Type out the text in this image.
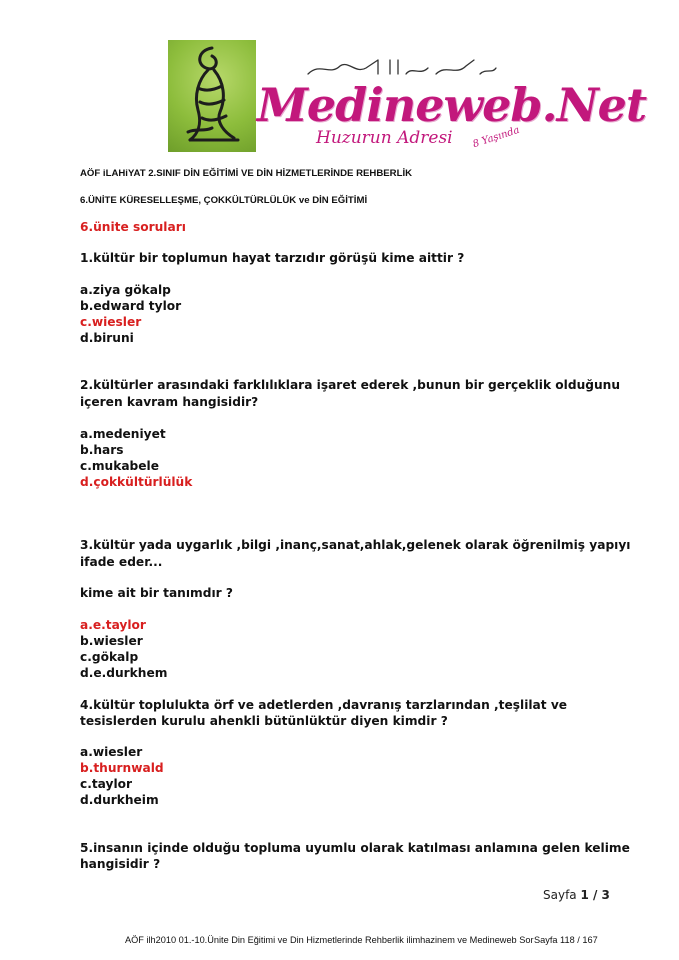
Medineweb.Net
Huzurun Adresi 8 Yaşında
AÖF iLAHiYAT 2.SINIF DİN EĞİTİMİ VE DİN HİZMETLERİNDE REHBERLİK
6.ÜNİTE KÜRESELLEŞME, ÇOKKÜLTÜRLÜLÜK ve DİN EĞİTİMİ
6.ünite soruları
1.kültür bir toplumun hayat tarzıdır görüşü kime aittir ?
a.ziya gökalp
b.edward tylor
c.wiesler
d.biruni
2.kültürler arasındaki farklılıklara işaret ederek ,bunun bir gerçeklik olduğunu
içeren kavram hangisidir?
a.medeniyet
b.hars
c.mukabele
d.çokkültürlülük
3.kültür yada uygarlık ,bilgi ,inanç,sanat,ahlak,gelenek olarak öğrenilmiş yapıyı
ifade eder...
kime ait bir tanımdır ?
a.e.taylor
b.wiesler
c.gökalp
d.e.durkhem
4.kültür toplulukta örf ve adetlerden ,davranış tarzlarından ,teşlilat ve
tesislerden kurulu ahenkli bütünlüktür diyen kimdir ?
a.wiesler
b.thurnwald
c.taylor
d.durkheim
5.insanın içinde olduğu topluma uyumlu olarak katılması anlamına gelen kelime
hangisidir ?
Sayfa 1 / 3
AÖF ilh2010 01.-10.Ünite Din Eğitimi ve Din Hizmetlerinde Rehberlik ilimhazinem ve Medineweb Sor Sayfa 118 / 167
